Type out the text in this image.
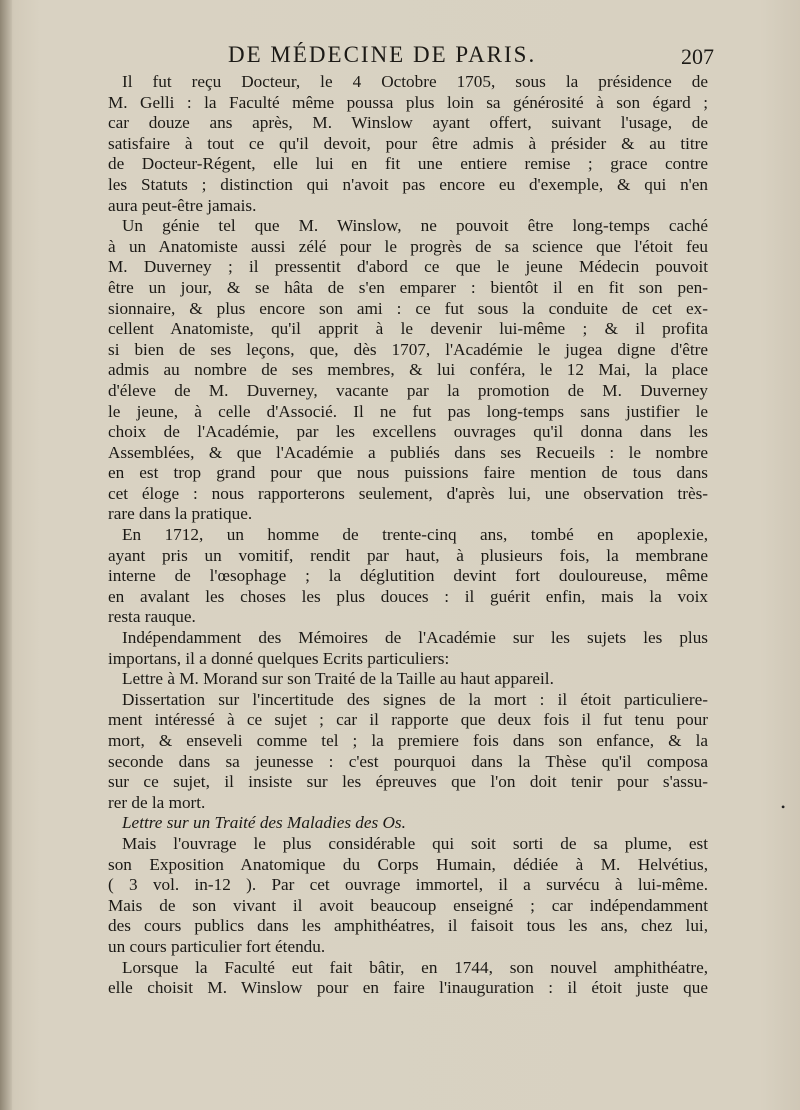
DE MÉDECINE DE PARIS.	207
Il fut reçu Docteur, le 4 Octobre 1705, sous la présidence de
M. Gelli : la Faculté même poussa plus loin sa générosité à son égard ;
car douze ans après, M. Winslow ayant offert, suivant l'usage, de
satisfaire à tout ce qu'il devoit, pour être admis à présider & au titre
de Docteur-Régent, elle lui en fit une entiere remise ; grace contre
les Statuts ; distinction qui n'avoit pas encore eu d'exemple, & qui n'en
aura peut-être jamais.
Un génie tel que M. Winslow, ne pouvoit être long-temps caché
à un Anatomiste aussi zélé pour le progrès de sa science que l'étoit feu
M. Duverney ; il pressentit d'abord ce que le jeune Médecin pouvoit
être un jour, & se hâta de s'en emparer : bientôt il en fit son pen-
sionnaire, & plus encore son ami : ce fut sous la conduite de cet ex-
cellent Anatomiste, qu'il apprit à le devenir lui-même ; & il profita
si bien de ses leçons, que, dès 1707, l'Académie le jugea digne d'être
admis au nombre de ses membres, & lui conféra, le 12 Mai, la place
d'éleve de M. Duverney, vacante par la promotion de M. Duverney
le jeune, à celle d'Associé. Il ne fut pas long-temps sans justifier le
choix de l'Académie, par les excellens ouvrages qu'il donna dans les
Assemblées, & que l'Académie a publiés dans ses Recueils : le nombre
en est trop grand pour que nous puissions faire mention de tous dans
cet éloge : nous rapporterons seulement, d'après lui, une observation très-
rare dans la pratique.
En 1712, un homme de trente-cinq ans, tombé en apoplexie,
ayant pris un vomitif, rendit par haut, à plusieurs fois, la membrane
interne de l'œsophage ; la déglutition devint fort douloureuse, même
en avalant les choses les plus douces : il guérit enfin, mais la voix
resta rauque.
Indépendamment des Mémoires de l'Académie sur les sujets les plus
importans, il a donné quelques Ecrits particuliers:
Lettre à M. Morand sur son Traité de la Taille au haut appareil.
Dissertation sur l'incertitude des signes de la mort : il étoit particuliere-
ment intéressé à ce sujet ; car il rapporte que deux fois il fut tenu pour
mort, & enseveli comme tel ; la premiere fois dans son enfance, & la
seconde dans sa jeunesse : c'est pourquoi dans la Thèse qu'il composa
sur ce sujet, il insiste sur les épreuves que l'on doit tenir pour s'assu-
rer de la mort.
Lettre sur un Traité des Maladies des Os.
Mais l'ouvrage le plus considérable qui soit sorti de sa plume, est
son Exposition Anatomique du Corps Humain, dédiée à M. Helvétius,
( 3 vol. in-12 ). Par cet ouvrage immortel, il a survécu à lui-même.
Mais de son vivant il avoit beaucoup enseigné ; car indépendamment
des cours publics dans les amphithéatres, il faisoit tous les ans, chez lui,
un cours particulier fort étendu.
Lorsque la Faculté eut fait bâtir, en 1744, son nouvel amphithéatre,
elle choisit M. Winslow pour en faire l'inauguration : il étoit juste que
•
